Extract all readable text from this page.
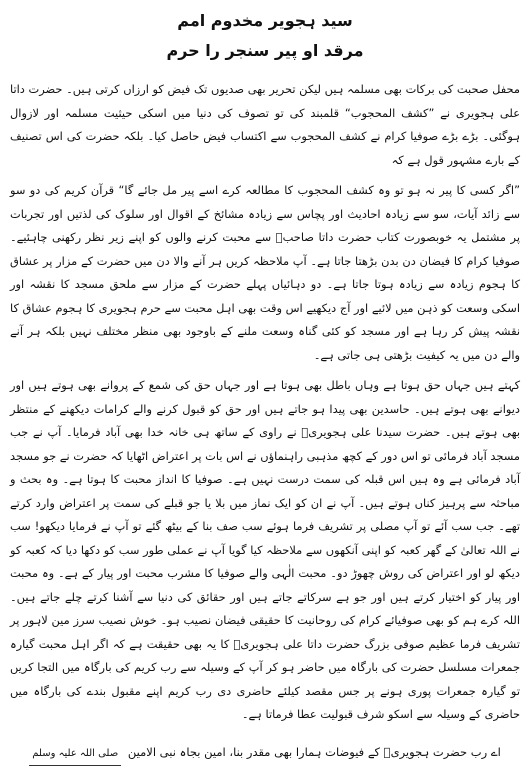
سید ہجویر مخدوم امم
مرقد او پیر سنجر را حرم

محفل صحبت کی برکات بھی مسلمہ ہیں لیکن تحریر بھی صدیوں تک فیض کو ارزاں کرتی ہیں۔ حضرت داتا علی ہجویری نے ”کشف المحجوب“ قلمبند کی تو تصوف کی دنیا میں اسکی حیثیت مسلمہ اور لازوال ہوگئی۔ بڑے بڑے صوفیا کرام نے کشف المحجوب سے اکتساب فیض حاصل کیا۔ بلکہ حضرت کی اس تصنیف کے بارے مشہور قول ہے کہ

”اگر کسی کا پیر نہ ہو تو وہ کشف المحجوب کا مطالعہ کرے اسے پیر مل جائے گا“ قرآن کریم کی دو سو سے زائد آیات، سو سے زیادہ احادیث اور پچاس سے زیادہ مشائخ کے اقوال اور سلوک کی لذتیں اور تجربات پر مشتمل یہ خوبصورت کتاب حضرت داتا صاحبؒ سے محبت کرنے والوں کو اپنے زیر نظر رکھنی چاہئیے۔ صوفیا کرام کا فیضان دن بدن بڑھتا جاتا ہے۔ آپ ملاحظہ کریں ہر آنے والا دن میں حضرت کے مزار پر عشاق کا ہجوم زیادہ سے زیادہ ہوتا جاتا ہے۔ دو دہائیاں پہلے حضرت کے مزار سے ملحق مسجد کا نقشہ اور اسکی وسعت کو ذہن میں لائیے اور آج دیکھیے اس وقت بھی اہل محبت سے حرم ہجویری کا ہجوم عشاق کا نقشہ پیش کر رہا ہے اور مسجد کو کئی گناہ وسعت ملنے کے باوجود بھی منظر مختلف نہیں بلکہ ہر آنے والے دن میں یہ کیفیت بڑھتی ہی جاتی ہے۔

کہتے ہیں جہاں حق ہوتا ہے وہاں باطل بھی ہوتا ہے اور جہاں حق کی شمع کے پروانے بھی ہوتے ہیں اور دیوانے بھی ہوتے ہیں۔ حاسدین بھی پیدا ہو جاتے ہیں اور حق کو قبول کرنے والے کرامات دیکھنے کے منتظر بھی ہوتے ہیں۔ حضرت سیدنا علی ہجویریؒ نے راوی کے ساتھ ہی خانہ خدا بھی آباد فرمایا۔ آپ نے جب مسجد آباد فرمائی تو اس دور کے کچھ مذہبی راہنماؤں نے اس بات پر اعتراض اٹھایا کہ حضرت نے جو مسجد آباد فرمائی ہے وہ ہیں اس قبلہ کی سمت درست نہیں ہے۔ صوفیا کا انداز محبت کا ہوتا ہے۔ وہ بحث و مباحثہ سے پرہیز کناں ہوتے ہیں۔ آپ نے ان کو ایک نماز میں بلا یا جو قبلے کی سمت پر اعتراض وارد کرتے تھے۔ جب سب آئے تو آپ مصلی پر تشریف فرما ہوئے سب صف بنا کے بیٹھ گئے تو آپ نے فرمایا دیکھو! سب نے اللہ تعالیٰ کے گھر کعبہ کو اپنی آنکھوں سے ملاحظہ کیا گویا آپ نے عملی طور سب کو دکھا دیا کہ کعبہ کو دیکھ لو اور اعتراض کی روش چھوڑ دو۔ محبت الٰہی والے صوفیا کا مشرب محبت اور پیار کے ہے۔ وہ محبت اور پیار کو اختیار کرتے ہیں اور جو ہے سرکاتے جاتے ہیں اور حقائق کی دنیا سے آشنا کرتے چلے جاتے ہیں۔ اللہ کرے ہم کو بھی صوفیائے کرام کی روحانیت کا حقیقی فیضان نصیب ہو۔ خوش نصیب سرز مین لاہور پر تشریف فرما عظیم صوفی بزرگ حضرت داتا علی ہجویریؒ کا یہ بھی حقیقت ہے کہ اگر اہل محبت گیارہ جمعرات مسلسل حضرت کی بارگاہ میں حاضر ہو کر آپ کے وسیلہ سے رب کریم کی بارگاہ میں التجا کریں تو گیارہ جمعرات پوری ہونے پر جس مقصد کیلئے حاضری دی رب کریم اپنے مقبول بندے کی بارگاہ میں حاضری کے وسیلہ سے اسکو شرف قبولیت عطا فرماتا ہے۔

اے رب حضرت ہجویریؒ کے فیوضات ہمارا بھی مقدر بنا، امین بجاہ نبی الامین صلی اللہ علیہ وسلم
